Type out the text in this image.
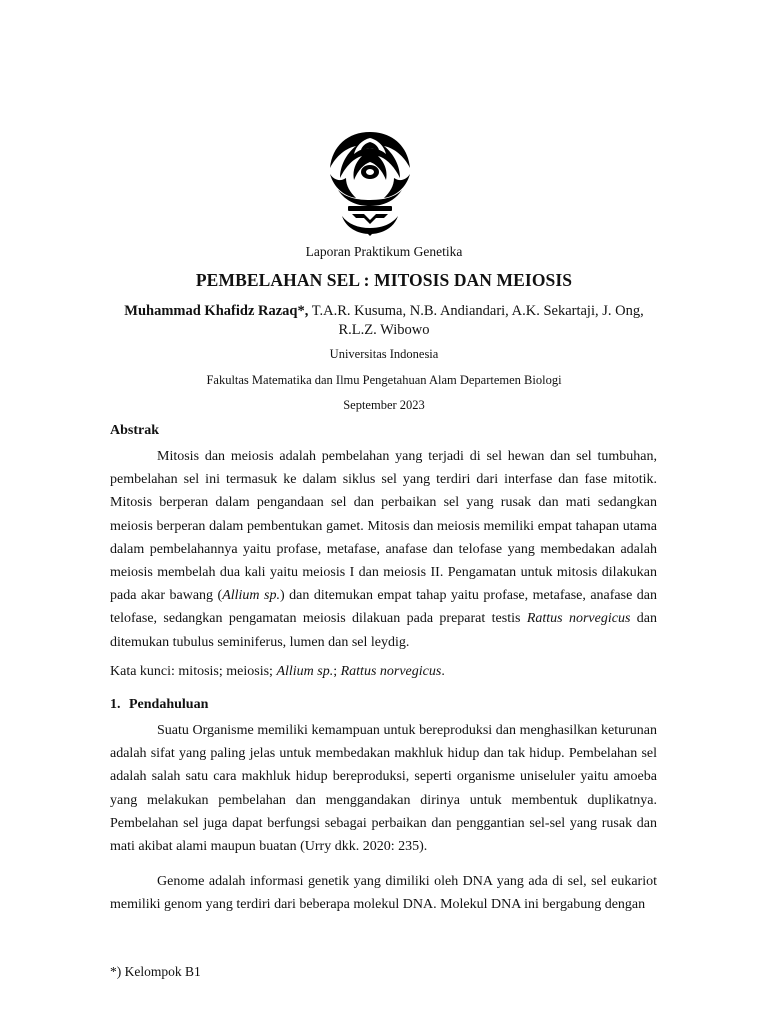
Laporan Praktikum Genetika
PEMBELAHAN SEL : MITOSIS DAN MEIOSIS
Muhammad Khafidz Razaq*, T.A.R. Kusuma, N.B. Andiandari, A.K. Sekartaji, J. Ong, R.L.Z. Wibowo
Universitas Indonesia
Fakultas Matematika dan Ilmu Pengetahuan Alam Departemen Biologi
September 2023
Abstrak

Mitosis dan meiosis adalah pembelahan yang terjadi di sel hewan dan sel tumbuhan, pembelahan sel ini termasuk ke dalam siklus sel yang terdiri dari interfase dan fase mitotik. Mitosis berperan dalam pengandaan sel dan perbaikan sel yang rusak dan mati sedangkan meiosis berperan dalam pembentukan gamet. Mitosis dan meiosis memiliki empat tahapan utama dalam pembelahannya yaitu profase, metafase, anafase dan telofase yang membedakan adalah meiosis membelah dua kali yaitu meiosis I dan meiosis II. Pengamatan untuk mitosis dilakukan pada akar bawang (Allium sp.) dan ditemukan empat tahap yaitu profase, metafase, anafase dan telofase, sedangkan pengamatan meiosis dilakuan pada preparat testis Rattus norvegicus dan ditemukan tubulus seminiferus, lumen dan sel leydig.

Kata kunci: mitosis; meiosis; Allium sp.; Rattus norvegicus.
1. Pendahuluan

Suatu Organisme memiliki kemampuan untuk bereproduksi dan menghasilkan keturunan adalah sifat yang paling jelas untuk membedakan makhluk hidup dan tak hidup. Pembelahan sel adalah salah satu cara makhluk hidup bereproduksi, seperti organisme uniseluler yaitu amoeba yang melakukan pembelahan dan menggandakan dirinya untuk membentuk duplikatnya. Pembelahan sel juga dapat berfungsi sebagai perbaikan dan penggantian sel-sel yang rusak dan mati akibat alami maupun buatan (Urry dkk. 2020: 235).

Genome adalah informasi genetik yang dimiliki oleh DNA yang ada di sel, sel eukariot memiliki genom yang terdiri dari beberapa molekul DNA. Molekul DNA ini bergabung dengan

*) Kelompok B1
